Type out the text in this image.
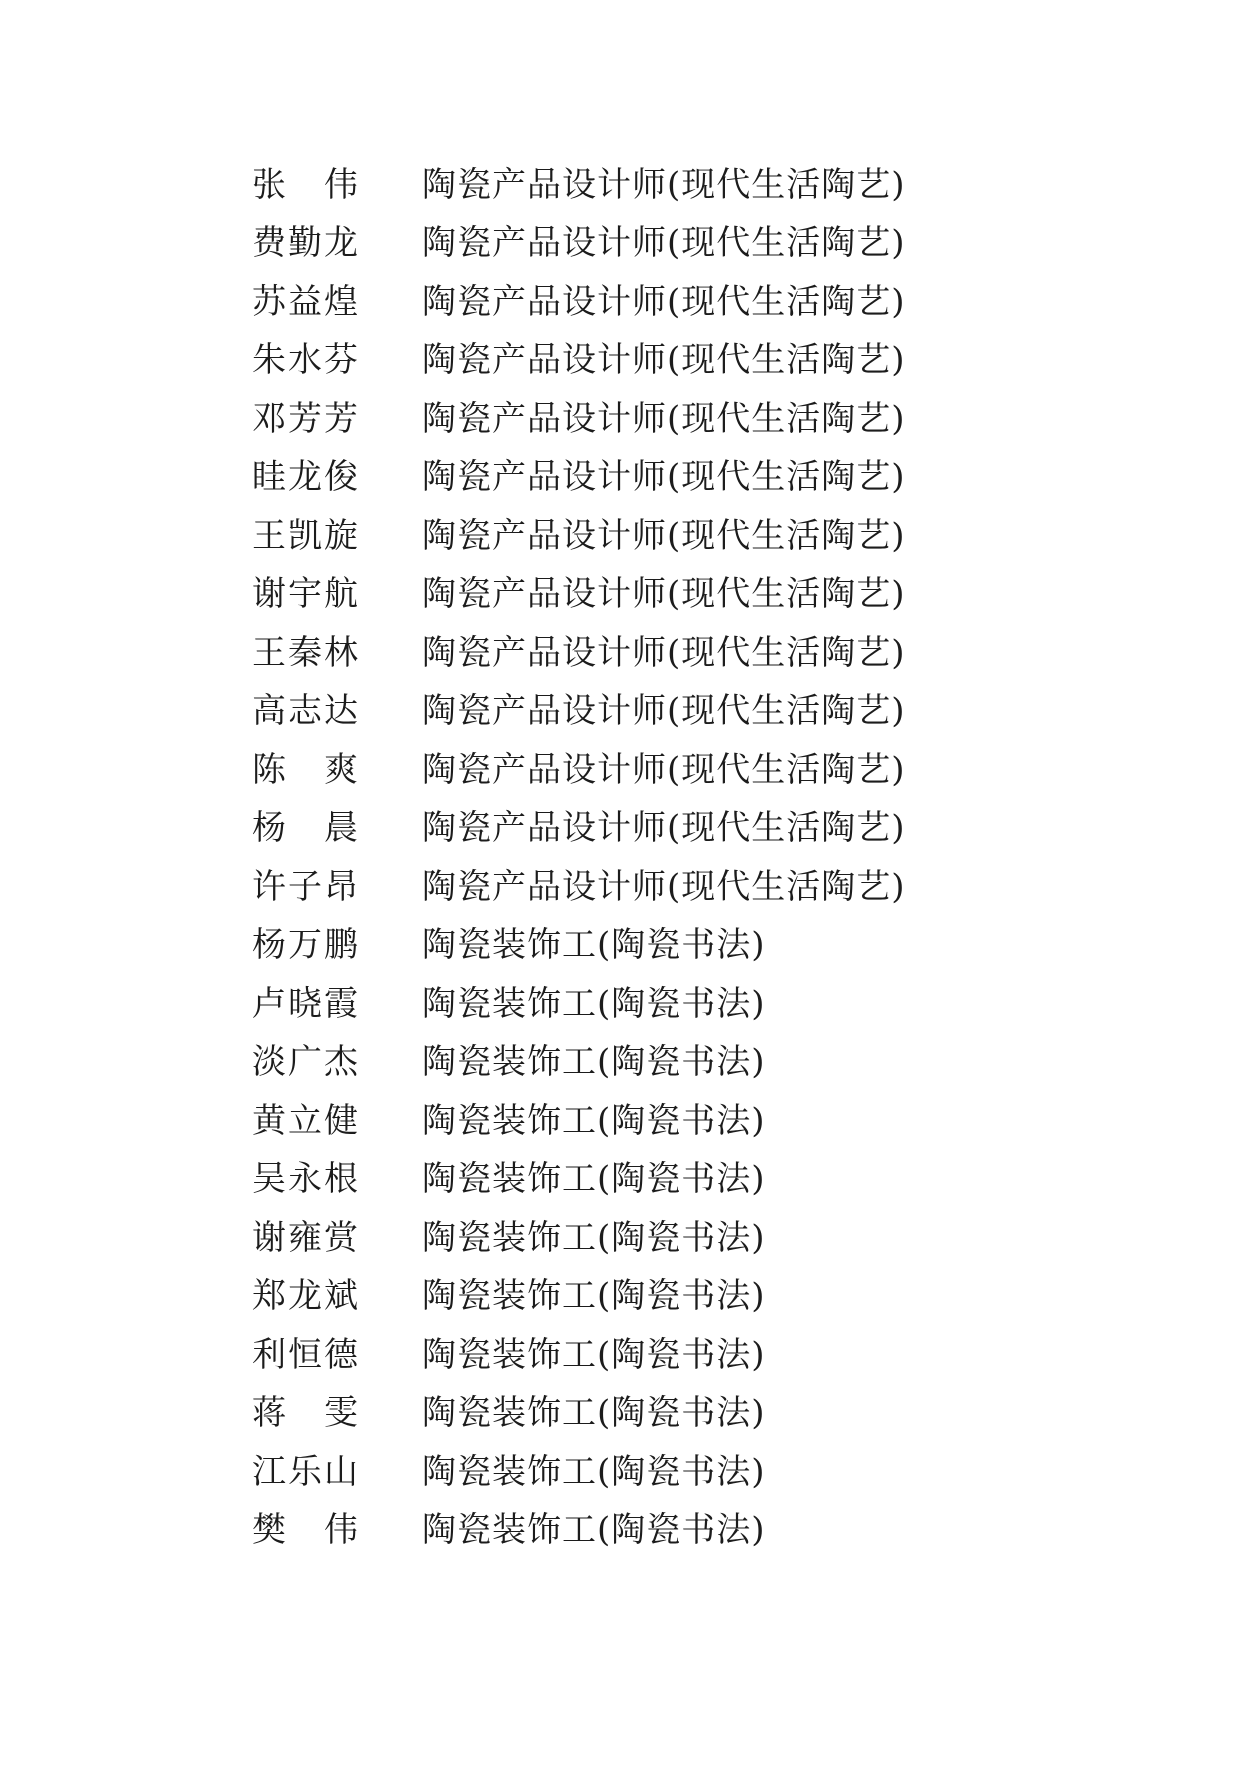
张　伟	陶瓷产品设计师(现代生活陶艺)
费勤龙	陶瓷产品设计师(现代生活陶艺)
苏益煌	陶瓷产品设计师(现代生活陶艺)
朱水芬	陶瓷产品设计师(现代生活陶艺)
邓芳芳	陶瓷产品设计师(现代生活陶艺)
眭龙俊	陶瓷产品设计师(现代生活陶艺)
王凯旋	陶瓷产品设计师(现代生活陶艺)
谢宇航	陶瓷产品设计师(现代生活陶艺)
王秦林	陶瓷产品设计师(现代生活陶艺)
高志达	陶瓷产品设计师(现代生活陶艺)
陈　爽	陶瓷产品设计师(现代生活陶艺)
杨　晨	陶瓷产品设计师(现代生活陶艺)
许子昂	陶瓷产品设计师(现代生活陶艺)
杨万鹏	陶瓷装饰工(陶瓷书法)
卢晓霞	陶瓷装饰工(陶瓷书法)
淡广杰	陶瓷装饰工(陶瓷书法)
黄立健	陶瓷装饰工(陶瓷书法)
吴永根	陶瓷装饰工(陶瓷书法)
谢雍赏	陶瓷装饰工(陶瓷书法)
郑龙斌	陶瓷装饰工(陶瓷书法)
利恒德	陶瓷装饰工(陶瓷书法)
蒋　雯	陶瓷装饰工(陶瓷书法)
江乐山	陶瓷装饰工(陶瓷书法)
樊　伟	陶瓷装饰工(陶瓷书法)
